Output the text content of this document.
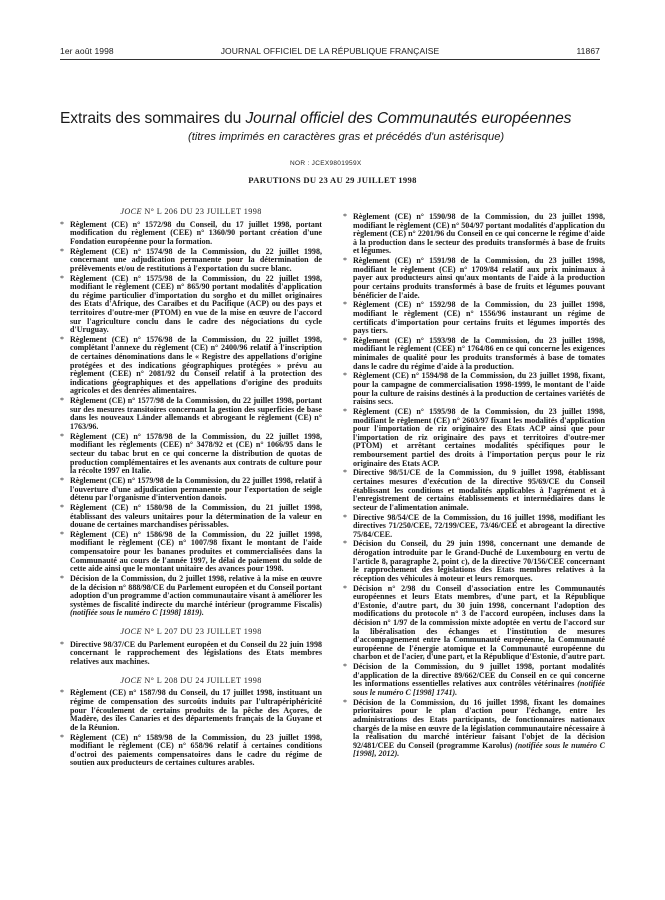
1er août 1998	JOURNAL OFFICIEL DE LA RÉPUBLIQUE FRANÇAISE	11867
Extraits des sommaires du Journal officiel des Communautés européennes
(titres imprimés en caractères gras et précédés d'un astérisque)
NOR : JCEX9801959X
PARUTIONS DU 23 AU 29 JUILLET 1998
JOCE N° L 206 DU 23 JUILLET 1998
* Règlement (CE) n° 1572/98 du Conseil, du 17 juillet 1998, portant modification du règlement (CEE) n° 1360/90 portant création d'une Fondation européenne pour la formation.
* Règlement (CE) n° 1574/98 de la Commission, du 22 juillet 1998, concernant une adjudication permanente pour la détermination de prélèvements et/ou de restitutions à l'exportation du sucre blanc.
* Règlement (CE) n° 1575/98 de la Commission, du 22 juillet 1998, modifiant le règlement (CEE) n° 865/90 portant modalités d'application du régime particulier d'importation du sorgho et du millet originaires des Etats d'Afrique, des Caraïbes et du Pacifique (ACP) ou des pays et territoires d'outre-mer (PTOM) en vue de la mise en œuvre de l'accord sur l'agriculture conclu dans le cadre des négociations du cycle d'Uruguay.
* Règlement (CE) n° 1576/98 de la Commission, du 22 juillet 1998, complétant l'annexe du règlement (CE) n° 2400/96 relatif à l'inscription de certaines dénominations dans le « Registre des appellations d'origine protégées et des indications géographiques protégées » prévu au règlement (CEE) n° 2081/92 du Conseil relatif à la protection des indications géographiques et des appellations d'origine des produits agricoles et des denrées alimentaires.
* Règlement (CE) n° 1577/98 de la Commission, du 22 juillet 1998, portant sur des mesures transitoires concernant la gestion des superficies de base dans les nouveaux Länder allemands et abrogeant le règlement (CE) n° 1763/96.
* Règlement (CE) n° 1578/98 de la Commission, du 22 juillet 1998, modifiant les règlements (CEE) n° 3478/92 et (CE) n° 1066/95 dans le secteur du tabac brut en ce qui concerne la distribution de quotas de production complémentaires et les avenants aux contrats de culture pour la récolte 1997 en Italie.
* Règlement (CE) n° 1579/98 de la Commission, du 22 juillet 1998, relatif à l'ouverture d'une adjudication permanente pour l'exportation de seigle détenu par l'organisme d'intervention danois.
* Règlement (CE) n° 1580/98 de la Commission, du 21 juillet 1998, établissant des valeurs unitaires pour la détermination de la valeur en douane de certaines marchandises périssables.
* Règlement (CE) n° 1586/98 de la Commission, du 22 juillet 1998, modifiant le règlement (CE) n° 1007/98 fixant le montant de l'aide compensatoire pour les bananes produites et commercialisées dans la Communauté au cours de l'année 1997, le délai de paiement du solde de cette aide ainsi que le montant unitaire des avances pour 1998.
* Décision de la Commission, du 2 juillet 1998, relative à la mise en œuvre de la décision n° 888/98/CE du Parlement européen et du Conseil portant adoption d'un programme d'action communautaire visant à améliorer les systèmes de fiscalité indirecte du marché intérieur (programme Fiscalis) (notifiée sous le numéro C [1998] 1819).
JOCE N° L 207 DU 23 JUILLET 1998
* Directive 98/37/CE du Parlement européen et du Conseil du 22 juin 1998 concernant le rapprochement des législations des Etats membres relatives aux machines.
JOCE N° L 208 DU 24 JUILLET 1998
* Règlement (CE) n° 1587/98 du Conseil, du 17 juillet 1998, instituant un régime de compensation des surcoûts induits par l'ultrapériphéricité pour l'écoulement de certains produits de la pêche des Açores, de Madère, des îles Canaries et des départements français de la Guyane et de la Réunion.
* Règlement (CE) n° 1589/98 de la Commission, du 23 juillet 1998, modifiant le règlement (CE) n° 658/96 relatif à certaines conditions d'octroi des paiements compensatoires dans le cadre du régime de soutien aux producteurs de certaines cultures arables.
* Règlement (CE) n° 1590/98 de la Commission, du 23 juillet 1998, modifiant le règlement (CE) n° 504/97 portant modalités d'application du règlement (CE) n° 2201/96 du Conseil en ce qui concerne le régime d'aide à la production dans le secteur des produits transformés à base de fruits et légumes.
* Règlement (CE) n° 1591/98 de la Commission, du 23 juillet 1998, modifiant le règlement (CE) n° 1709/84 relatif aux prix minimaux à payer aux producteurs ainsi qu'aux montants de l'aide à la production pour certains produits transformés à base de fruits et légumes pouvant bénéficier de l'aide.
* Règlement (CE) n° 1592/98 de la Commission, du 23 juillet 1998, modifiant le règlement (CE) n° 1556/96 instaurant un régime de certificats d'importation pour certains fruits et légumes importés des pays tiers.
* Règlement (CE) n° 1593/98 de la Commission, du 23 juillet 1998, modifiant le règlement (CEE) n° 1764/86 en ce qui concerne les exigences minimales de qualité pour les produits transformés à base de tomates dans le cadre du régime d'aide à la production.
* Règlement (CE) n° 1594/98 de la Commission, du 23 juillet 1998, fixant, pour la campagne de commercialisation 1998-1999, le montant de l'aide pour la culture de raisins destinés à la production de certaines variétés de raisins secs.
* Règlement (CE) n° 1595/98 de la Commission, du 23 juillet 1998, modifiant le règlement (CE) n° 2603/97 fixant les modalités d'application pour l'importation de riz originaire des Etats ACP ainsi que pour l'importation de riz originaire des pays et territoires d'outre-mer (PTOM) et arrêtant certaines modalités spécifiques pour le remboursement partiel des droits à l'importation perçus pour le riz originaire des Etats ACP.
* Directive 98/51/CE de la Commission, du 9 juillet 1998, établissant certaines mesures d'exécution de la directive 95/69/CE du Conseil établissant les conditions et modalités applicables à l'agrément et à l'enregistrement de certains établissements et intermédiaires dans le secteur de l'alimentation animale.
* Directive 98/54/CE de la Commission, du 16 juillet 1998, modifiant les directives 71/250/CEE, 72/199/CEE, 73/46/CEE et abrogeant la directive 75/84/CEE.
* Décision du Conseil, du 29 juin 1998, concernant une demande de dérogation introduite par le Grand-Duché de Luxembourg en vertu de l'article 8, paragraphe 2, point c), de la directive 70/156/CEE concernant le rapprochement des législations des Etats membres relatives à la réception des véhicules à moteur et leurs remorques.
* Décision n° 2/98 du Conseil d'association entre les Communautés européennes et leurs Etats membres, d'une part, et la République d'Estonie, d'autre part, du 30 juin 1998, concernant l'adoption des modifications du protocole n° 3 de l'accord européen, incluses dans la décision n° 1/97 de la commission mixte adoptée en vertu de l'accord sur la libéralisation des échanges et l'institution de mesures d'accompagnement entre la Communauté européenne, la Communauté européenne de l'énergie atomique et la Communauté européenne du charbon et de l'acier, d'une part, et la République d'Estonie, d'autre part.
* Décision de la Commission, du 9 juillet 1998, portant modalités d'application de la directive 89/662/CEE du Conseil en ce qui concerne les informations essentielles relatives aux contrôles vétérinaires (notifiée sous le numéro C [1998] 1741).
* Décision de la Commission, du 16 juillet 1998, fixant les domaines prioritaires pour le plan d'action pour l'échange, entre les administrations des Etats participants, de fonctionnaires nationaux chargés de la mise en œuvre de la législation communautaire nécessaire à la réalisation du marché intérieur faisant l'objet de la décision 92/481/CEE du Conseil (programme Karolus) (notifiée sous le numéro C [1998], 2012).
